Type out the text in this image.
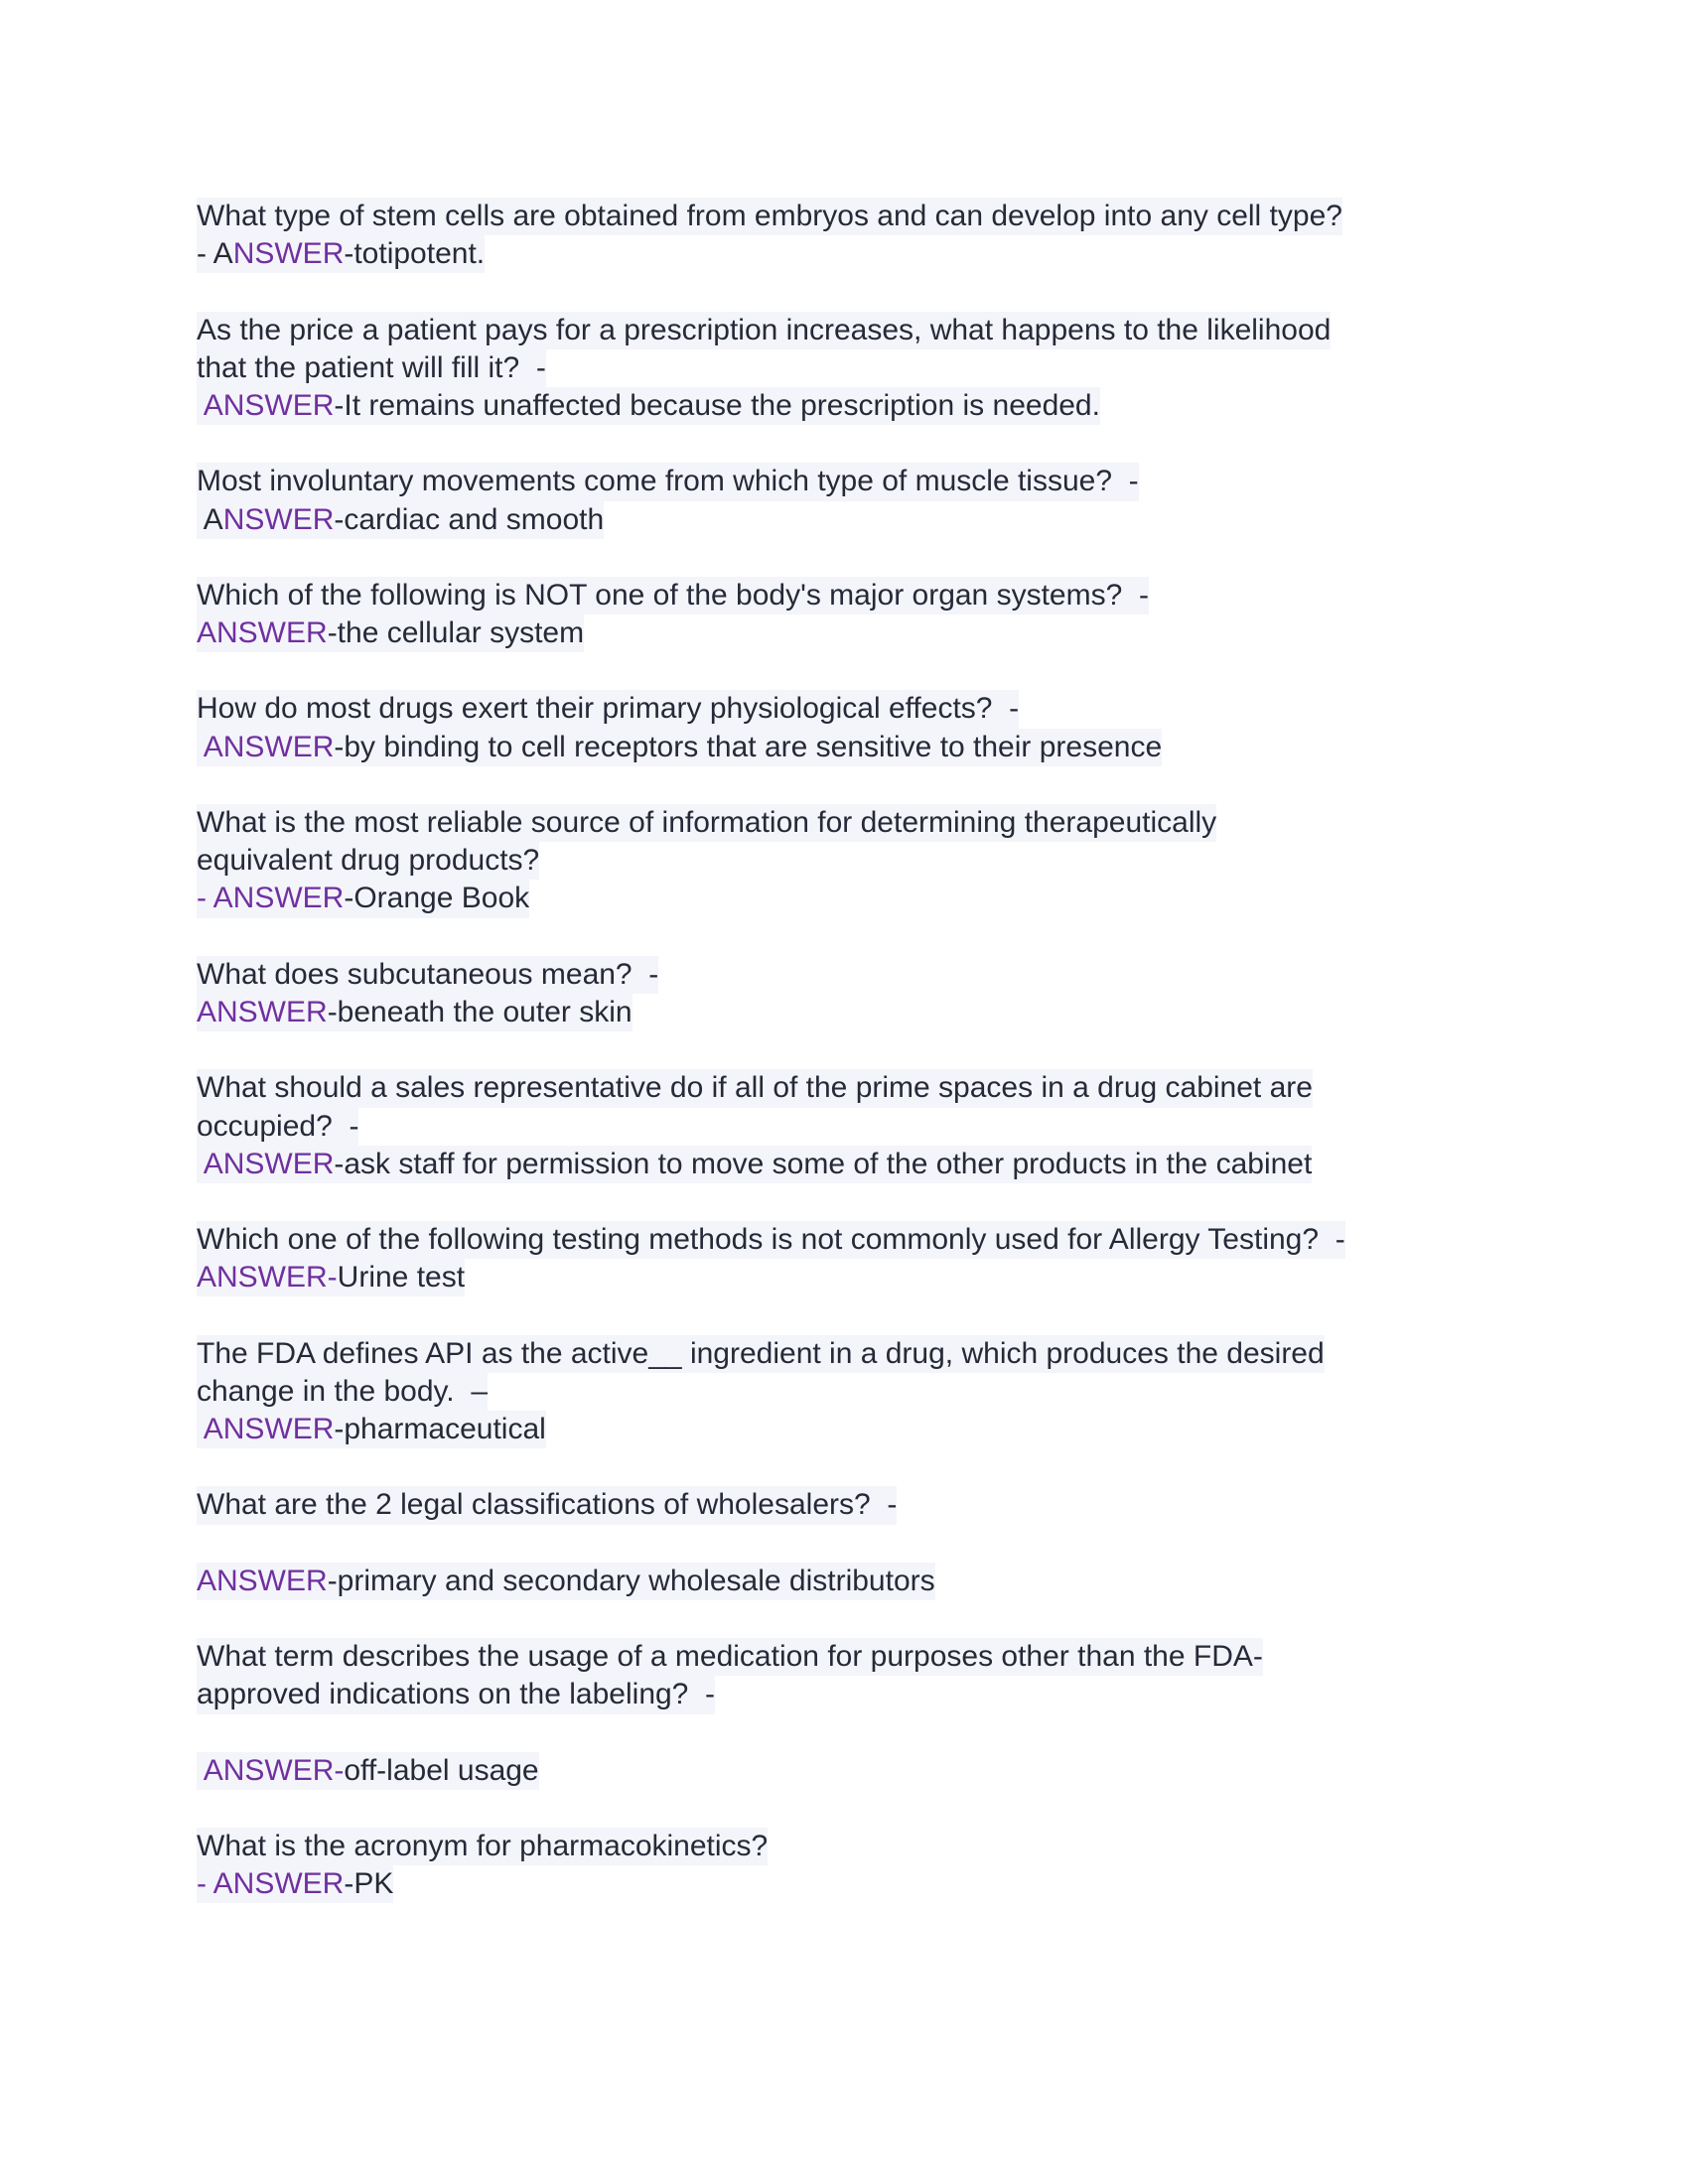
What type of stem cells are obtained from embryos and can develop into any cell type?
- ANSWER-totipotent.
As the price a patient pays for a prescription increases, what happens to the likelihood
that the patient will fill it?  -
ANSWER-It remains unaffected because the prescription is needed.
Most involuntary movements come from which type of muscle tissue?  -
ANSWER-cardiac and smooth
Which of the following is NOT one of the body's major organ systems?  -
ANSWER-the cellular system
How do most drugs exert their primary physiological effects?  -
ANSWER-by binding to cell receptors that are sensitive to their presence
What is the most reliable source of information for determining therapeutically
equivalent drug products?
- ANSWER-Orange Book
What does subcutaneous mean?  -
ANSWER-beneath the outer skin
What should a sales representative do if all of the prime spaces in a drug cabinet are
occupied?  -
ANSWER-ask staff for permission to move some of the other products in the cabinet
Which one of the following testing methods is not commonly used for Allergy Testing?  -
ANSWER-Urine test
The FDA defines API as the active__ ingredient in a drug, which produces the desired
change in the body.  –
ANSWER-pharmaceutical
What are the 2 legal classifications of wholesalers?  -
ANSWER-primary and secondary wholesale distributors
What term describes the usage of a medication for purposes other than the FDA-
approved indications on the labeling?  -
ANSWER-off-label usage
What is the acronym for pharmacokinetics?
- ANSWER-PK
